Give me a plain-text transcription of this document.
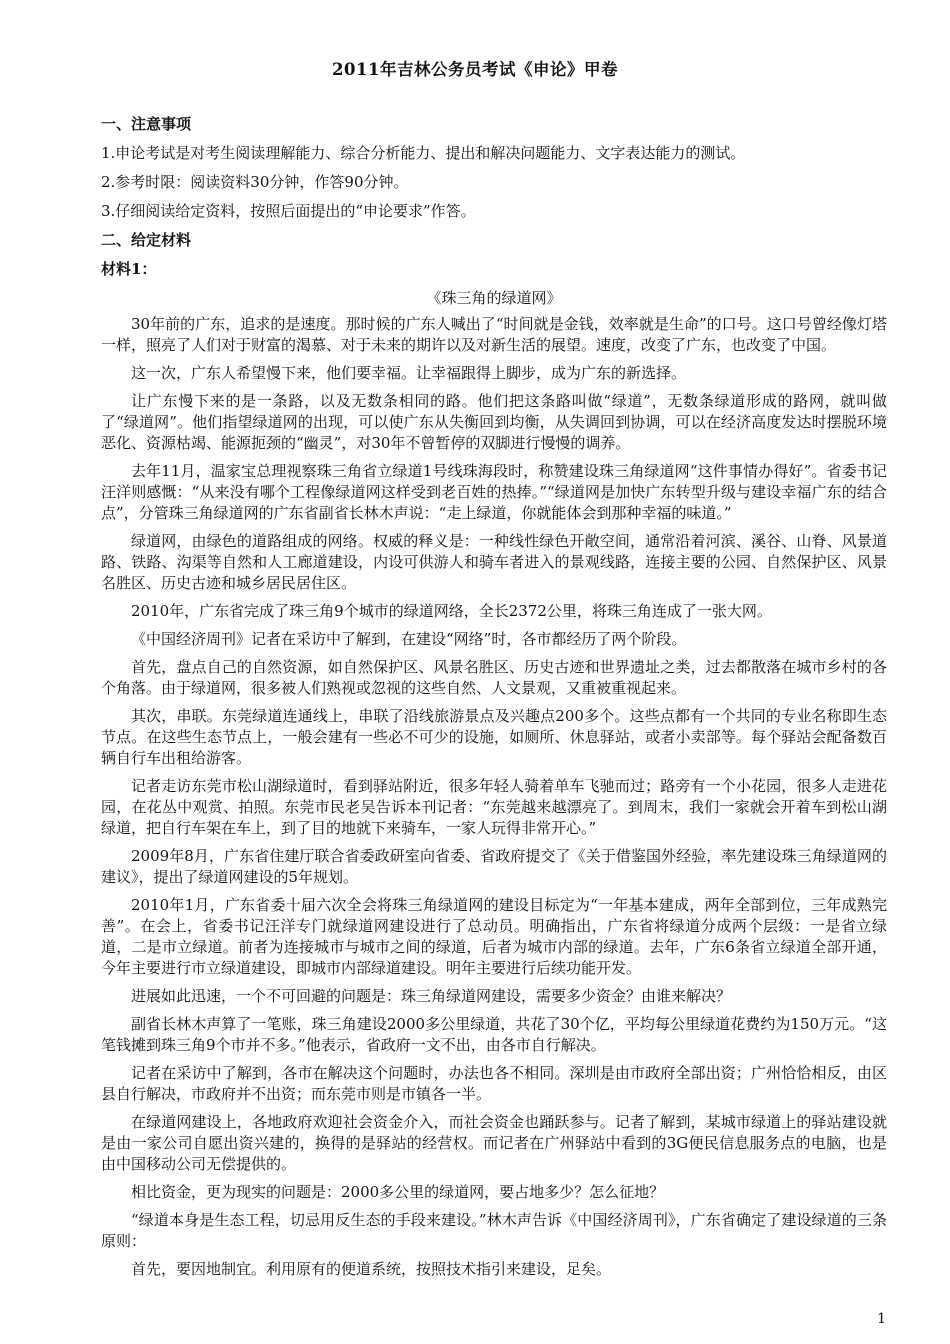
2011年吉林公务员考试《申论》甲卷

一、注意事项

1.申论考试是对考生阅读理解能力、综合分析能力、提出和解决问题能力、文字表达能力的测试。

2.参考时限：阅读资料30分钟，作答90分钟。

3.仔细阅读给定资料，按照后面提出的“申论要求”作答。

二、给定材料

材料1：

《珠三角的绿道网》

30年前的广东，追求的是速度。那时候的广东人喊出了“时间就是金钱，效率就是生命”的口号。这口号曾经像灯塔一样，照亮了人们对于财富的渴慕、对于未来的期许以及对新生活的展望。速度，改变了广东，也改变了中国。

这一次，广东人希望慢下来，他们要幸福。让幸福跟得上脚步，成为广东的新选择。

让广东慢下来的是一条路，以及无数条相同的路。他们把这条路叫做“绿道”，无数条绿道形成的路网，就叫做了“绿道网”。他们指望绿道网的出现，可以使广东从失衡回到均衡，从失调回到协调，可以在经济高度发达时摆脱环境恶化、资源枯竭、能源扼颈的“幽灵”，对30年不曾暂停的双脚进行慢慢的调养。

去年11月，温家宝总理视察珠三角省立绿道1号线珠海段时，称赞建设珠三角绿道网“这件事情办得好”。省委书记汪洋则感慨：“从来没有哪个工程像绿道网这样受到老百姓的热捧。”“绿道网是加快广东转型升级与建设幸福广东的结合点”，分管珠三角绿道网的广东省副省长林木声说：“走上绿道，你就能体会到那种幸福的味道。”

绿道网，由绿色的道路组成的网络。权威的释义是：一种线性绿色开敞空间，通常沿着河滨、溪谷、山脊、风景道路、铁路、沟渠等自然和人工廊道建设，内设可供游人和骑车者进入的景观线路，连接主要的公园、自然保护区、风景名胜区、历史古迹和城乡居民居住区。

2010年，广东省完成了珠三角9个城市的绿道网络，全长2372公里，将珠三角连成了一张大网。

《中国经济周刊》记者在采访中了解到，在建设“网络”时，各市都经历了两个阶段。

首先，盘点自己的自然资源，如自然保护区、风景名胜区、历史古迹和世界遗址之类，过去都散落在城市乡村的各个角落。由于绿道网，很多被人们熟视或忽视的这些自然、人文景观，又重被重视起来。

其次，串联。东莞绿道连通线上，串联了沿线旅游景点及兴趣点200多个。这些点都有一个共同的专业名称即生态节点。在这些生态节点上，一般会建有一些必不可少的设施，如厕所、休息驿站，或者小卖部等。每个驿站会配备数百辆自行车出租给游客。

记者走访东莞市松山湖绿道时，看到驿站附近，很多年轻人骑着单车飞驰而过；路旁有一个小花园，很多人走进花园，在花丛中观赏、拍照。东莞市民老吴告诉本刊记者：“东莞越来越漂亮了。到周末，我们一家就会开着车到松山湖绿道，把自行车架在车上，到了目的地就下来骑车，一家人玩得非常开心。”

2009年8月，广东省住建厅联合省委政研室向省委、省政府提交了《关于借鉴国外经验，率先建设珠三角绿道网的建议》，提出了绿道网建设的5年规划。

2010年1月，广东省委十届六次全会将珠三角绿道网的建设目标定为“一年基本建成，两年全部到位，三年成熟完善”。在会上，省委书记汪洋专门就绿道网建设进行了总动员。明确指出，广东省将绿道分成两个层级：一是省立绿道，二是市立绿道。前者为连接城市与城市之间的绿道，后者为城市内部的绿道。去年，广东6条省立绿道全部开通，今年主要进行市立绿道建设，即城市内部绿道建设。明年主要进行后续功能开发。

进展如此迅速，一个不可回避的问题是：珠三角绿道网建设，需要多少资金？由谁来解决？

副省长林木声算了一笔账，珠三角建设2000多公里绿道，共花了30个亿，平均每公里绿道花费约为150万元。“这笔钱摊到珠三角9个市并不多。”他表示，省政府一文不出，由各市自行解决。

记者在采访中了解到，各市在解决这个问题时，办法也各不相同。深圳是由市政府全部出资；广州恰恰相反，由区县自行解决，市政府并不出资；而东莞市则是市镇各一半。

在绿道网建设上，各地政府欢迎社会资金介入，而社会资金也踊跃参与。记者了解到，某城市绿道上的驿站建设就是由一家公司自愿出资兴建的，换得的是驿站的经营权。而记者在广州驿站中看到的3G便民信息服务点的电脑，也是由中国移动公司无偿提供的。

相比资金，更为现实的问题是：2000多公里的绿道网，要占地多少？怎么征地？

“绿道本身是生态工程，切忌用反生态的手段来建设。”林木声告诉《中国经济周刊》，广东省确定了建设绿道的三条原则：

首先，要因地制宜。利用原有的便道系统，按照技术指引来建设，足矣。

1
